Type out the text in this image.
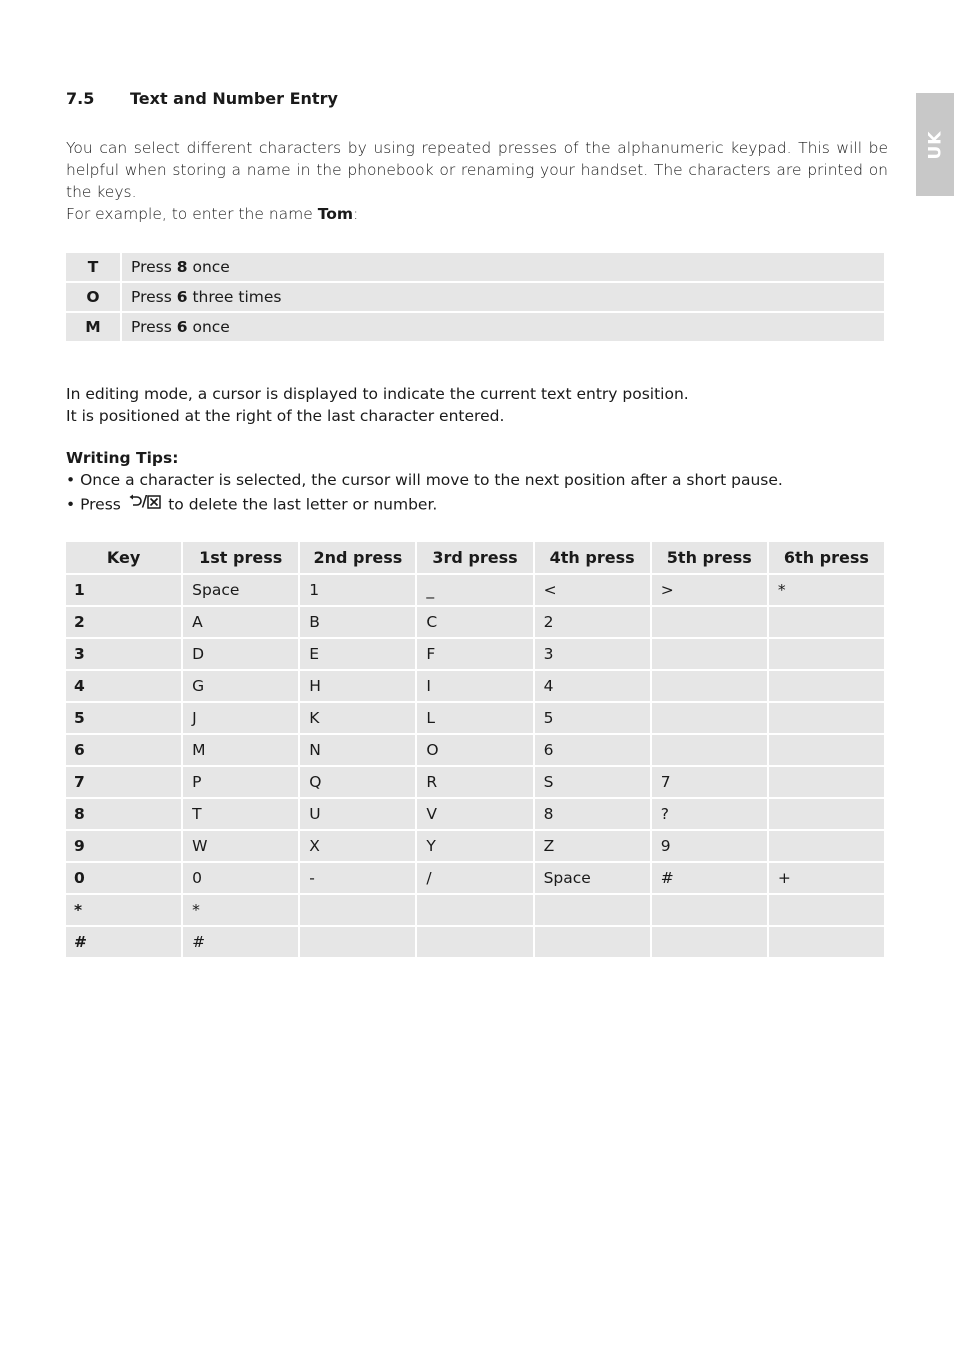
UK
7.5	Text and Number Entry
You can select different characters by using repeated presses of the alphanumeric keypad. This will be helpful when storing a name in the phonebook or renaming your handset. The characters are printed on the keys.
For example, to enter the name Tom:
T	Press 8 once
O	Press 6 three times
M	Press 6 once
In editing mode, a cursor is displayed to indicate the current text entry position.
It is positioned at the right of the last character entered.
Writing Tips:
• Once a character is selected, the cursor will move to the next position after a short pause.
• Press / to delete the last letter or number.
Key	1st press	2nd press	3rd press	4th press	5th press	6th press
1	Space	1	_	<	>	*
2	A	B	C	2		
3	D	E	F	3		
4	G	H	I	4		
5	J	K	L	5		
6	M	N	O	6		
7	P	Q	R	S	7	
8	T	U	V	8	?	
9	W	X	Y	Z	9	
0	0	-	/	Space	#	+
*	*					
#	#					
